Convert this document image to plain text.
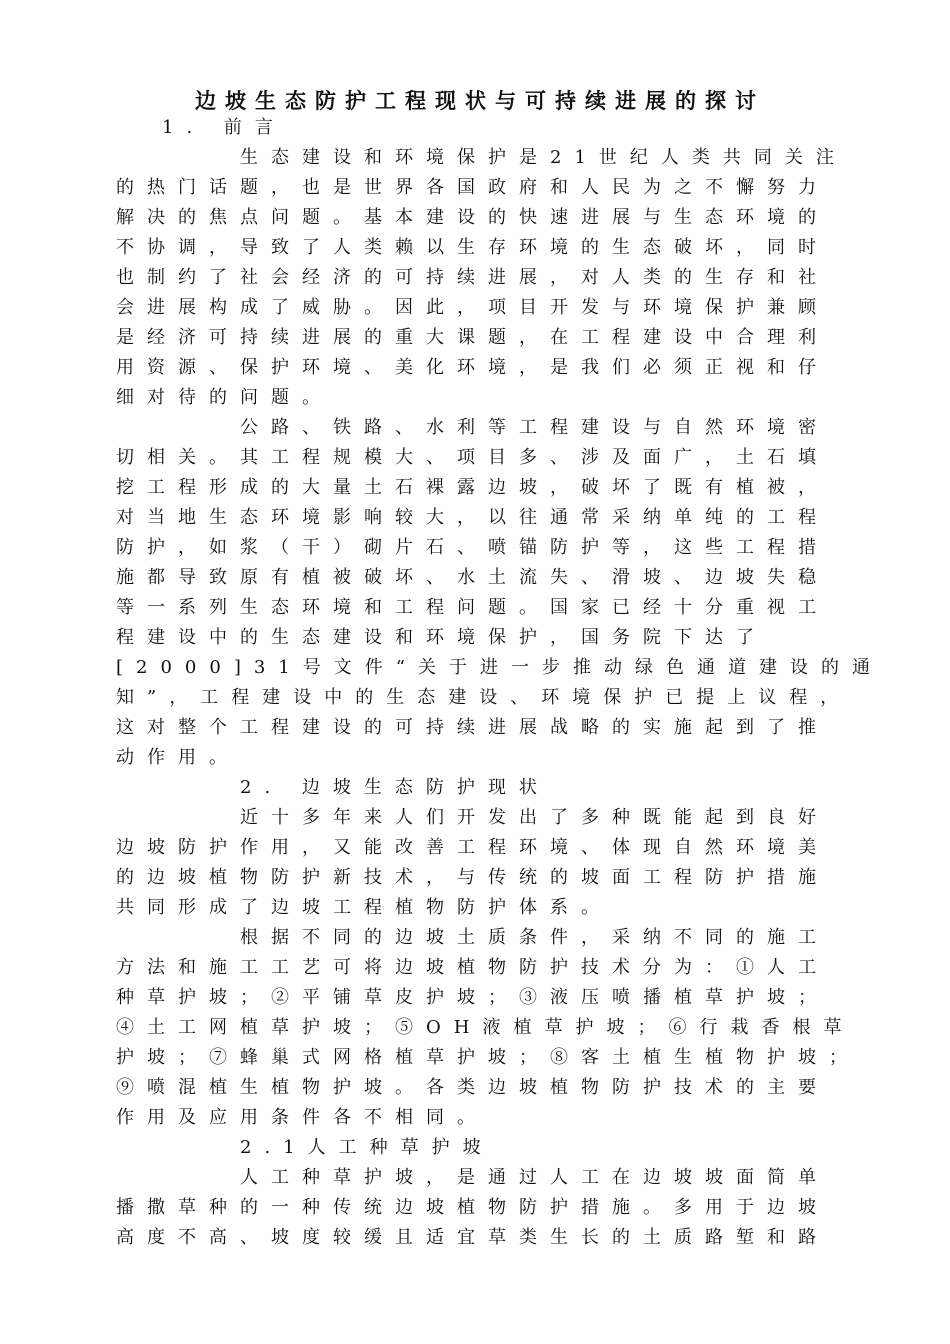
边坡生态防护工程现状与可持续进展的探讨
1. 前言
生态建设和环境保护是21世纪人类共同关注
的热门话题，也是世界各国政府和人民为之不懈努力
解决的焦点问题。基本建设的快速进展与生态环境的
不协调，导致了人类赖以生存环境的生态破坏，同时
也制约了社会经济的可持续进展，对人类的生存和社
会进展构成了威胁。因此，项目开发与环境保护兼顾
是经济可持续进展的重大课题，在工程建设中合理利
用资源、保护环境、美化环境，是我们必须正视和仔
细对待的问题。
公路、铁路、水利等工程建设与自然环境密
切相关。其工程规模大、项目多、涉及面广，土石填
挖工程形成的大量土石裸露边坡，破坏了既有植被，
对当地生态环境影响较大，以往通常采纳单纯的工程
防护，如浆（干）砌片石、喷锚防护等，这些工程措
施都导致原有植被破坏、水土流失、滑坡、边坡失稳
等一系列生态环境和工程问题。国家已经十分重视工
程建设中的生态建设和环境保护，国务院下达了
[2000]31号文件“关于进一步推动绿色通道建设的通
知”，工程建设中的生态建设、环境保护已提上议程，
这对整个工程建设的可持续进展战略的实施起到了推
动作用。
2. 边坡生态防护现状
近十多年来人们开发出了多种既能起到良好
边坡防护作用，又能改善工程环境、体现自然环境美
的边坡植物防护新技术，与传统的坡面工程防护措施
共同形成了边坡工程植物防护体系。
根据不同的边坡土质条件，采纳不同的施工
方法和施工工艺可将边坡植物防护技术分为：①人工
种草护坡；②平铺草皮护坡；③液压喷播植草护坡；
④土工网植草护坡；⑤OH液植草护坡；⑥行栽香根草
护坡；⑦蜂巢式网格植草护坡；⑧客土植生植物护坡；
⑨喷混植生植物护坡。各类边坡植物防护技术的主要
作用及应用条件各不相同。
2.1人工种草护坡
人工种草护坡，是通过人工在边坡坡面简单
播撒草种的一种传统边坡植物防护措施。多用于边坡
高度不高、坡度较缓且适宜草类生长的土质路堑和路
